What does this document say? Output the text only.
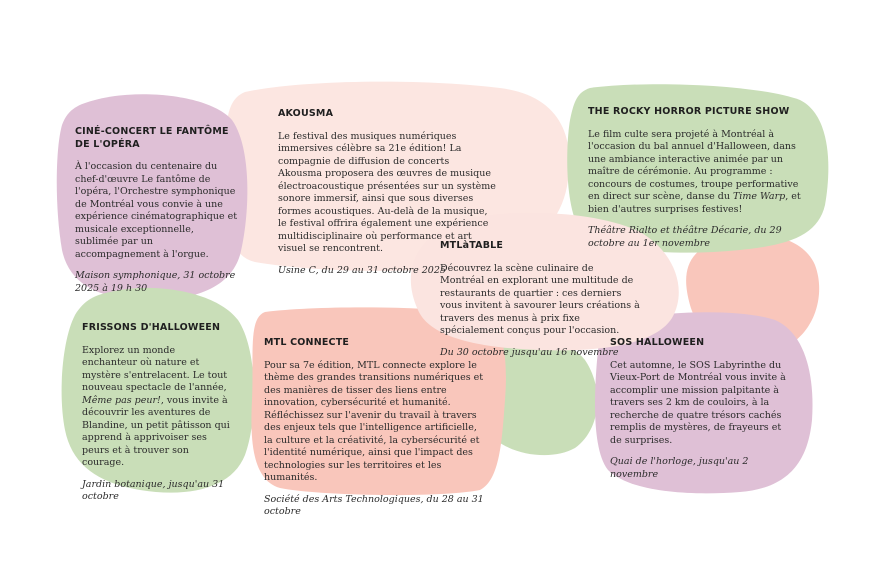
CINÉ-CONCERT LE FANTÔME DE L'OPÉRA

À l'occasion du centenaire du chef-d'œuvre Le fantôme de l'opéra, l'Orchestre symphonique de Montréal vous convie à une expérience cinématographique et musicale exceptionnelle, sublimée par un accompagnement à l'orgue.

Maison symphonique, 31 octobre 2025 à 19 h 30

AKOUSMA

Le festival des musiques numériques immersives célèbre sa 21e édition! La compagnie de diffusion de concerts Akousma proposera des œuvres de musique électroacoustique présentées sur un système sonore immersif, ainsi que sous diverses formes acoustiques. Au-delà de la musique, le festival offrira également une expérience multidisciplinaire où performance et art visuel se rencontrent.

Usine C, du 29 au 31 octobre 2025

THE ROCKY HORROR PICTURE SHOW

Le film culte sera projeté à Montréal à l'occasion du bal annuel d'Halloween, dans une ambiance interactive animée par un maître de cérémonie. Au programme : concours de costumes, troupe performative en direct sur scène, danse du Time Warp, et bien d'autres surprises festives!

Théâtre Rialto et théâtre Décarie, du 29 octobre au 1er novembre

MTLàTABLE

Découvrez la scène culinaire de Montréal en explorant une multitude de restaurants de quartier : ces derniers vous invitent à savourer leurs créations à travers des menus à prix fixe spécialement conçus pour l'occasion.

Du 30 octobre jusqu'au 16 novembre

FRISSONS D'HALLOWEEN

Explorez un monde enchanteur où nature et mystère s'entrelacent. Le tout nouveau spectacle de l'année, Même pas peur!, vous invite à découvrir les aventures de Blandine, un petit pâtisson qui apprend à apprivoiser ses peurs et à trouver son courage.

Jardin botanique, jusqu'au 31 octobre

MTL CONNECTE

Pour sa 7e édition, MTL connecte explore le thème des grandes transitions numériques et des manières de tisser des liens entre innovation, cybersécurité et humanité. Réfléchissez sur l'avenir du travail à travers des enjeux tels que l'intelligence artificielle, la culture et la créativité, la cybersécurité et l'identité numérique, ainsi que l'impact des technologies sur les territoires et les humanités.

Société des Arts Technologiques, du 28 au 31 octobre

SOS HALLOWEEN

Cet automne, le SOS Labyrinthe du Vieux-Port de Montréal vous invite à accomplir une mission palpitante à travers ses 2 km de couloirs, à la recherche de quatre trésors cachés remplis de mystères, de frayeurs et de surprises.

Quai de l'horloge, jusqu'au 2 novembre
